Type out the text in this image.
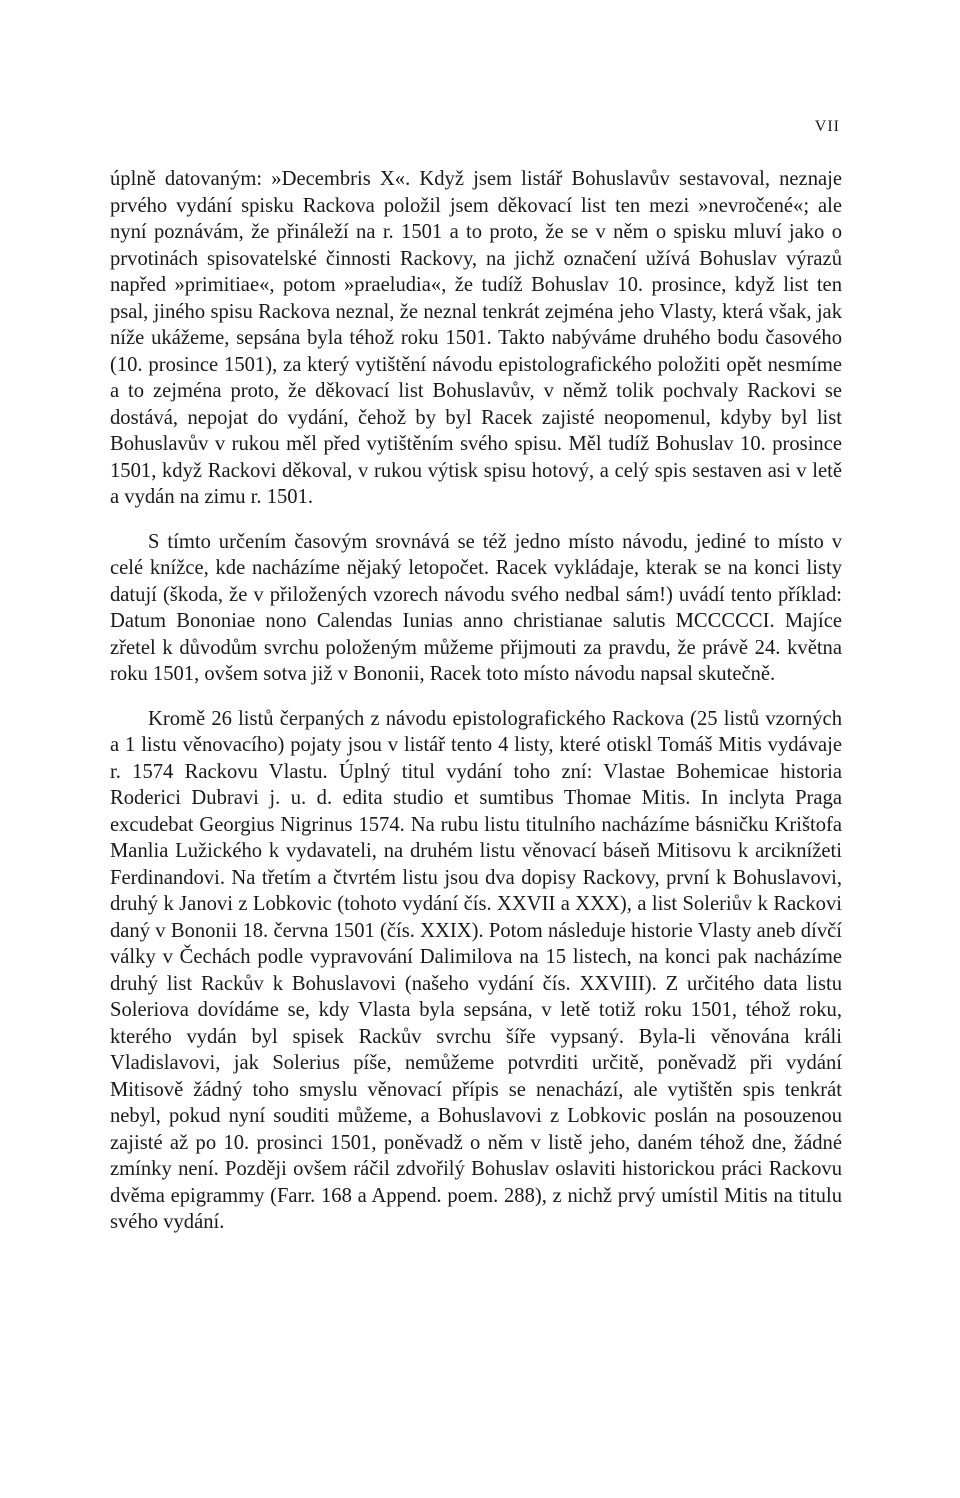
VII

úplně datovaným: »Decembris X«. Když jsem listář Bohuslavův sestavoval, neznaje prvého vydání spisku Rackova položil jsem děkovací list ten mezi »nevročené«; ale nyní poznávám, že přináleží na r. 1501 a to proto, že se v něm o spisku mluví jako o prvotinách spisovatelské činnosti Rackovy, na jichž označení užívá Bohuslav výrazů napřed »primitiae«, potom »praeludia«, že tudíž Bohuslav 10. prosince, když list ten psal, jiného spisu Rackova neznal, že neznal tenkrát zejména jeho Vlasty, která však, jak níže ukážeme, sepsána byla téhož roku 1501. Takto nabýváme druhého bodu časového (10. prosince 1501), za který vytištění návodu epistolografického položiti opět nesmíme a to zejména proto, že děkovací list Bohuslavův, v němž tolik pochvaly Rackovi se dostává, nepojat do vydání, čehož by byl Racek zajisté neopomenul, kdyby byl list Bohuslavův v rukou měl před vytištěním svého spisu. Měl tudíž Bohuslav 10. prosince 1501, když Rackovi děkoval, v rukou výtisk spisu hotový, a celý spis sestaven asi v letě a vydán na zimu r. 1501.

S tímto určením časovým srovnává se též jedno místo návodu, jediné to místo v celé knížce, kde nacházíme nějaký letopočet. Racek vykládaje, kterak se na konci listy datují (škoda, že v přiložených vzorech návodu svého nedbal sám!) uvádí tento příklad: Datum Bononiae nono Calendas Iunias anno christianae salutis MCCCCCI. Majíce zřetel k důvodům svrchu položeným můžeme přijmouti za pravdu, že právě 24. května roku 1501, ovšem sotva již v Bononii, Racek toto místo návodu napsal skutečně.

Kromě 26 listů čerpaných z návodu epistolografického Rackova (25 listů vzorných a 1 listu věnovacího) pojaty jsou v listář tento 4 listy, které otiskl Tomáš Mitis vydávaje r. 1574 Rackovu Vlastu. Úplný titul vydání toho zní: Vlastae Bohemicae historia Roderici Dubravi j. u. d. edita studio et sumtibus Thomae Mitis. In inclyta Praga excudebat Georgius Nigrinus 1574. Na rubu listu titulního nacházíme básničku Krištofa Manlia Lužického k vydavateli, na druhém listu věnovací báseň Mitisovu k arciknížeti Ferdinandovi. Na třetím a čtvrtém listu jsou dva dopisy Rackovy, první k Bohuslavovi, druhý k Janovi z Lobkovic (tohoto vydání čís. XXVII a XXX), a list Soleriův k Rackovi daný v Bononii 18. června 1501 (čís. XXIX). Potom následuje historie Vlasty aneb dívčí války v Čechách podle vypravování Dalimilova na 15 listech, na konci pak nacházíme druhý list Rackův k Bohuslavovi (našeho vydání čís. XXVIII). Z určitého data listu Soleriova dovídáme se, kdy Vlasta byla sepsána, v letě totiž roku 1501, téhož roku, kterého vydán byl spisek Rackův svrchu šíře vypsaný. Byla-li věnována králi Vladislavovi, jak Solerius píše, nemůžeme potvrditi určitě, poněvadž při vydání Mitisově žádný toho smyslu věnovací přípis se nenachází, ale vytištěn spis tenkrát nebyl, pokud nyní souditi můžeme, a Bohuslavovi z Lobkovic poslán na posouzenou zajisté až po 10. prosinci 1501, poněvadž o něm v listě jeho, daném téhož dne, žádné zmínky není. Později ovšem ráčil zdvořilý Bohuslav oslaviti historickou práci Rackovu dvěma epigrammy (Farr. 168 a Append. poem. 288), z nichž prvý umístil Mitis na titulu svého vydání.
